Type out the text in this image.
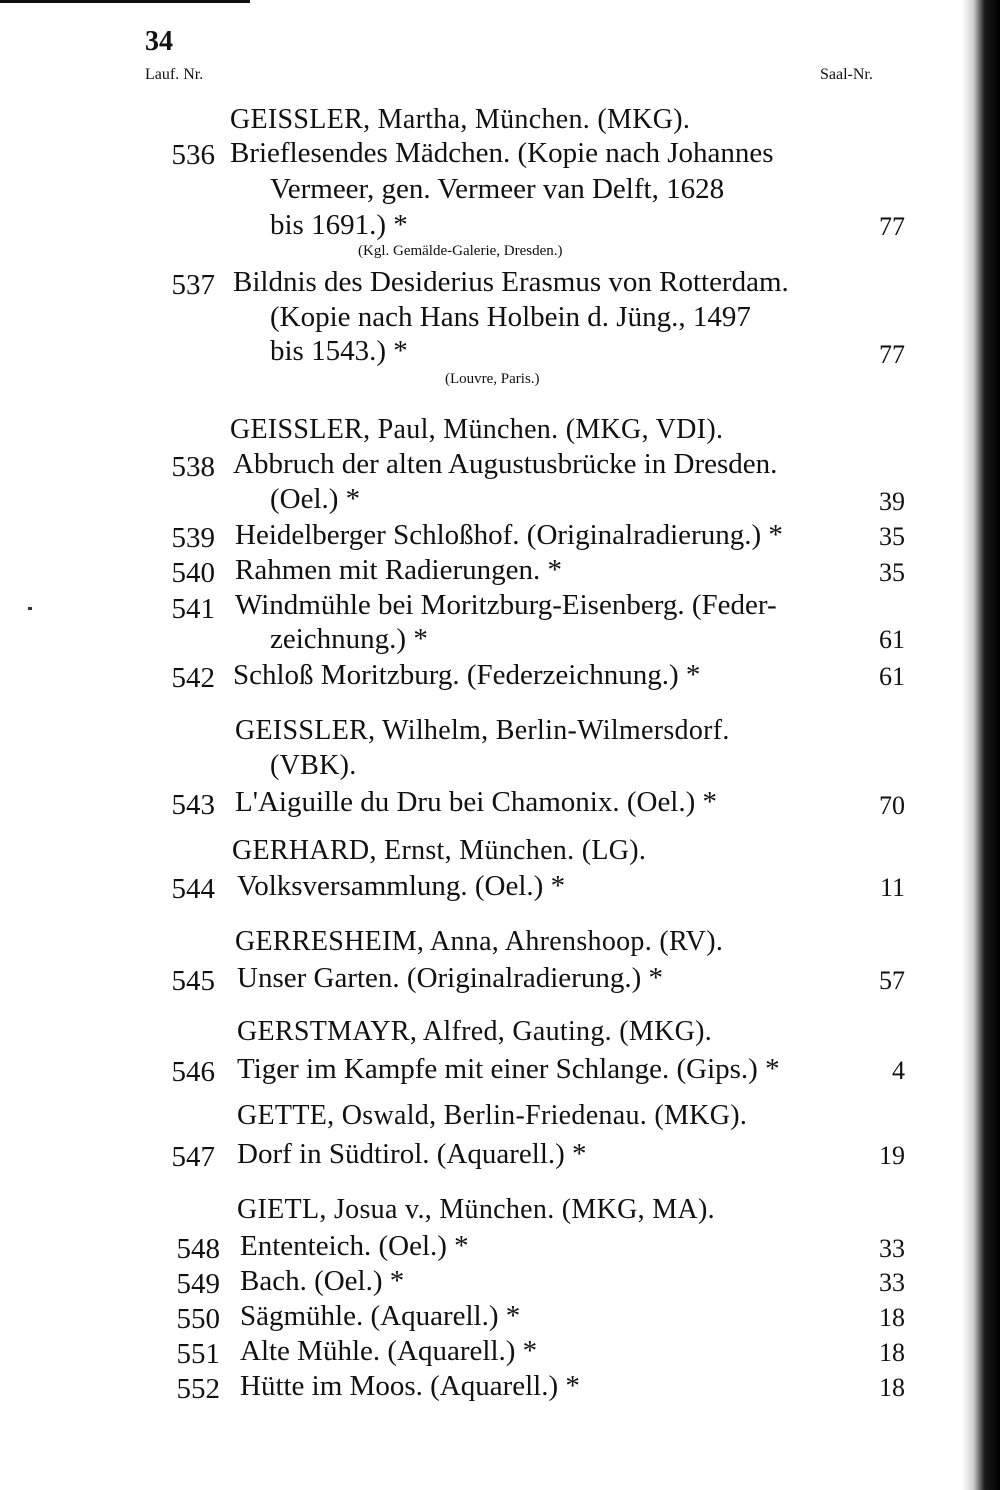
34
Lauf. Nr.	Saal-Nr.
GEISSLER, Martha, München. (MKG).
536 Brieflesendes Mädchen. (Kopie nach Johannes
Vermeer, gen. Vermeer van Delft, 1628
bis 1691.) *	77
(Kgl. Gemälde-Galerie, Dresden.)
537 Bildnis des Desiderius Erasmus von Rotterdam.
(Kopie nach Hans Holbein d. Jüng., 1497
bis 1543.) *	77
(Louvre, Paris.)
GEISSLER, Paul, München. (MKG, VDI).
538 Abbruch der alten Augustusbrücke in Dresden.
(Oel.) *	39
539 Heidelberger Schloßhof. (Originalradierung.) *	35
540 Rahmen mit Radierungen. *	35
541 Windmühle bei Moritzburg-Eisenberg. (Feder-
zeichnung.) *	61
542 Schloß Moritzburg. (Federzeichnung.) *	61
GEISSLER, Wilhelm, Berlin-Wilmersdorf.
(VBK).
543 L'Aiguille du Dru bei Chamonix. (Oel.) *	70
GERHARD, Ernst, München. (LG).
544 Volksversammlung. (Oel.) *	11
GERRESHEIM, Anna, Ahrenshoop. (RV).
545 Unser Garten. (Originalradierung.) *	57
GERSTMAYR, Alfred, Gauting. (MKG).
546 Tiger im Kampfe mit einer Schlange. (Gips.) *	4
GETTE, Oswald, Berlin-Friedenau. (MKG).
547 Dorf in Südtirol. (Aquarell.) *	19
GIETL, Josua v., München. (MKG, MA).
548 Ententeich. (Oel.) *	33
549 Bach. (Oel.) *	33
550 Sägmühle. (Aquarell.) *	18
551 Alte Mühle. (Aquarell.) *	18
552 Hütte im Moos. (Aquarell.) *	18
